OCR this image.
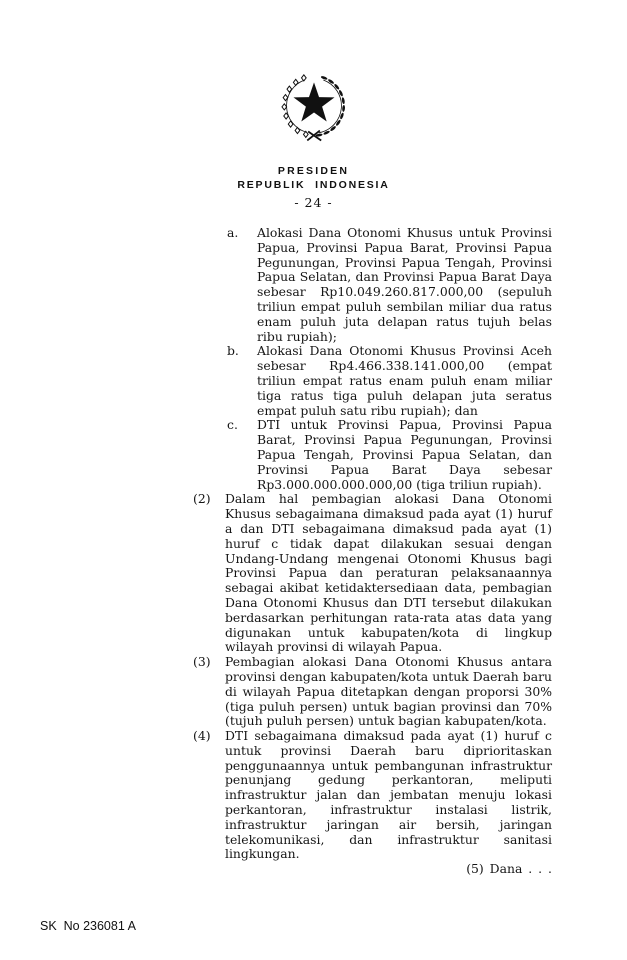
PRESIDEN
REPUBLIK INDONESIA
- 24 -
a.	Alokasi Dana Otonomi Khusus untuk Provinsi Papua, Provinsi Papua Barat, Provinsi Papua Pegunungan, Provinsi Papua Tengah, Provinsi Papua Selatan, dan Provinsi Papua Barat Daya sebesar Rp10.049.260.817.000,00 (sepuluh triliun empat puluh sembilan miliar dua ratus enam puluh juta delapan ratus tujuh belas ribu rupiah);
b.	Alokasi Dana Otonomi Khusus Provinsi Aceh sebesar Rp4.466.338.141.000,00 (empat triliun empat ratus enam puluh enam miliar tiga ratus tiga puluh delapan juta seratus empat puluh satu ribu rupiah); dan
c.	DTI untuk Provinsi Papua, Provinsi Papua Barat, Provinsi Papua Pegunungan, Provinsi Papua Tengah, Provinsi Papua Selatan, dan Provinsi Papua Barat Daya sebesar Rp3.000.000.000.000,00 (tiga triliun rupiah).
(2)	Dalam hal pembagian alokasi Dana Otonomi Khusus sebagaimana dimaksud pada ayat (1) huruf a dan DTI sebagaimana dimaksud pada ayat (1) huruf c tidak dapat dilakukan sesuai dengan Undang-Undang mengenai Otonomi Khusus bagi Provinsi Papua dan peraturan pelaksanaannya sebagai akibat ketidaktersediaan data, pembagian Dana Otonomi Khusus dan DTI tersebut dilakukan berdasarkan perhitungan rata-rata atas data yang digunakan untuk kabupaten/kota di lingkup wilayah provinsi di wilayah Papua.
(3)	Pembagian alokasi Dana Otonomi Khusus antara provinsi dengan kabupaten/kota untuk Daerah baru di wilayah Papua ditetapkan dengan proporsi 30% (tiga puluh persen) untuk bagian provinsi dan 70% (tujuh puluh persen) untuk bagian kabupaten/kota.
(4)	DTI sebagaimana dimaksud pada ayat (1) huruf c untuk provinsi Daerah baru diprioritaskan penggunaannya untuk pembangunan infrastruktur penunjang gedung perkantoran, meliputi infrastruktur jalan dan jembatan menuju lokasi perkantoran, infrastruktur instalasi listrik, infrastruktur jaringan air bersih, jaringan telekomunikasi, dan infrastruktur sanitasi lingkungan.
(5) Dana . . .
SK  No 236081 A
